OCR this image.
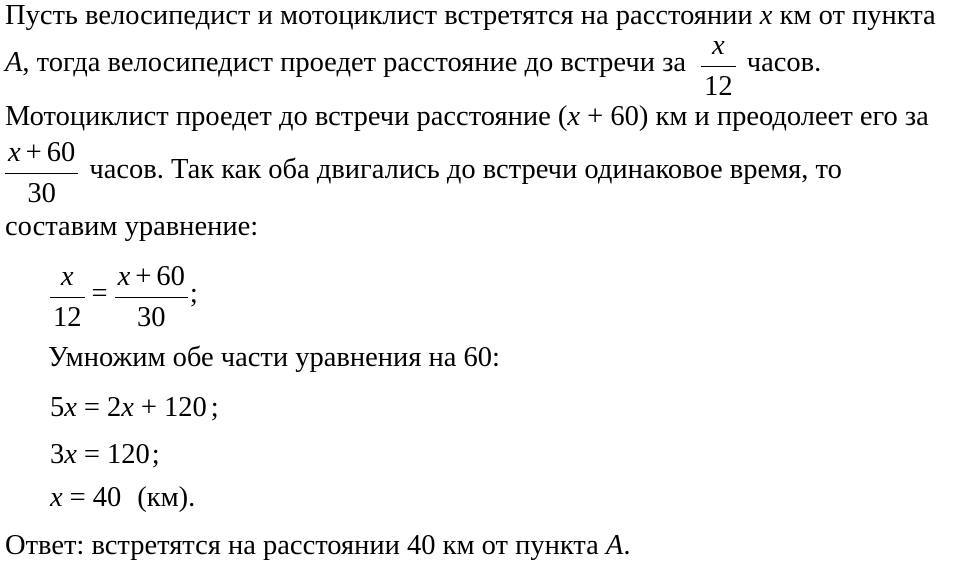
Пусть велосипедист и мотоциклист встретятся на расстоянии x км от пункта
A, тогда велосипедист проедет расстояние до встречи за $\frac{x}{12}$ часов.
Мотоциклист проедет до встречи расстояние (x + 60) км и преодолеет его за
$\frac{x + 60}{30}$ часов. Так как оба двигались до встречи одинаковое время, то
составим уравнение:
$\frac{x}{12} = \frac{x + 60}{30}$ ;
Умножим обе части уравнения на 60:
5x = 2x + 120 ;
3x = 120;
x = 40 (км).
Ответ: встретятся на расстоянии 40 км от пункта A.
